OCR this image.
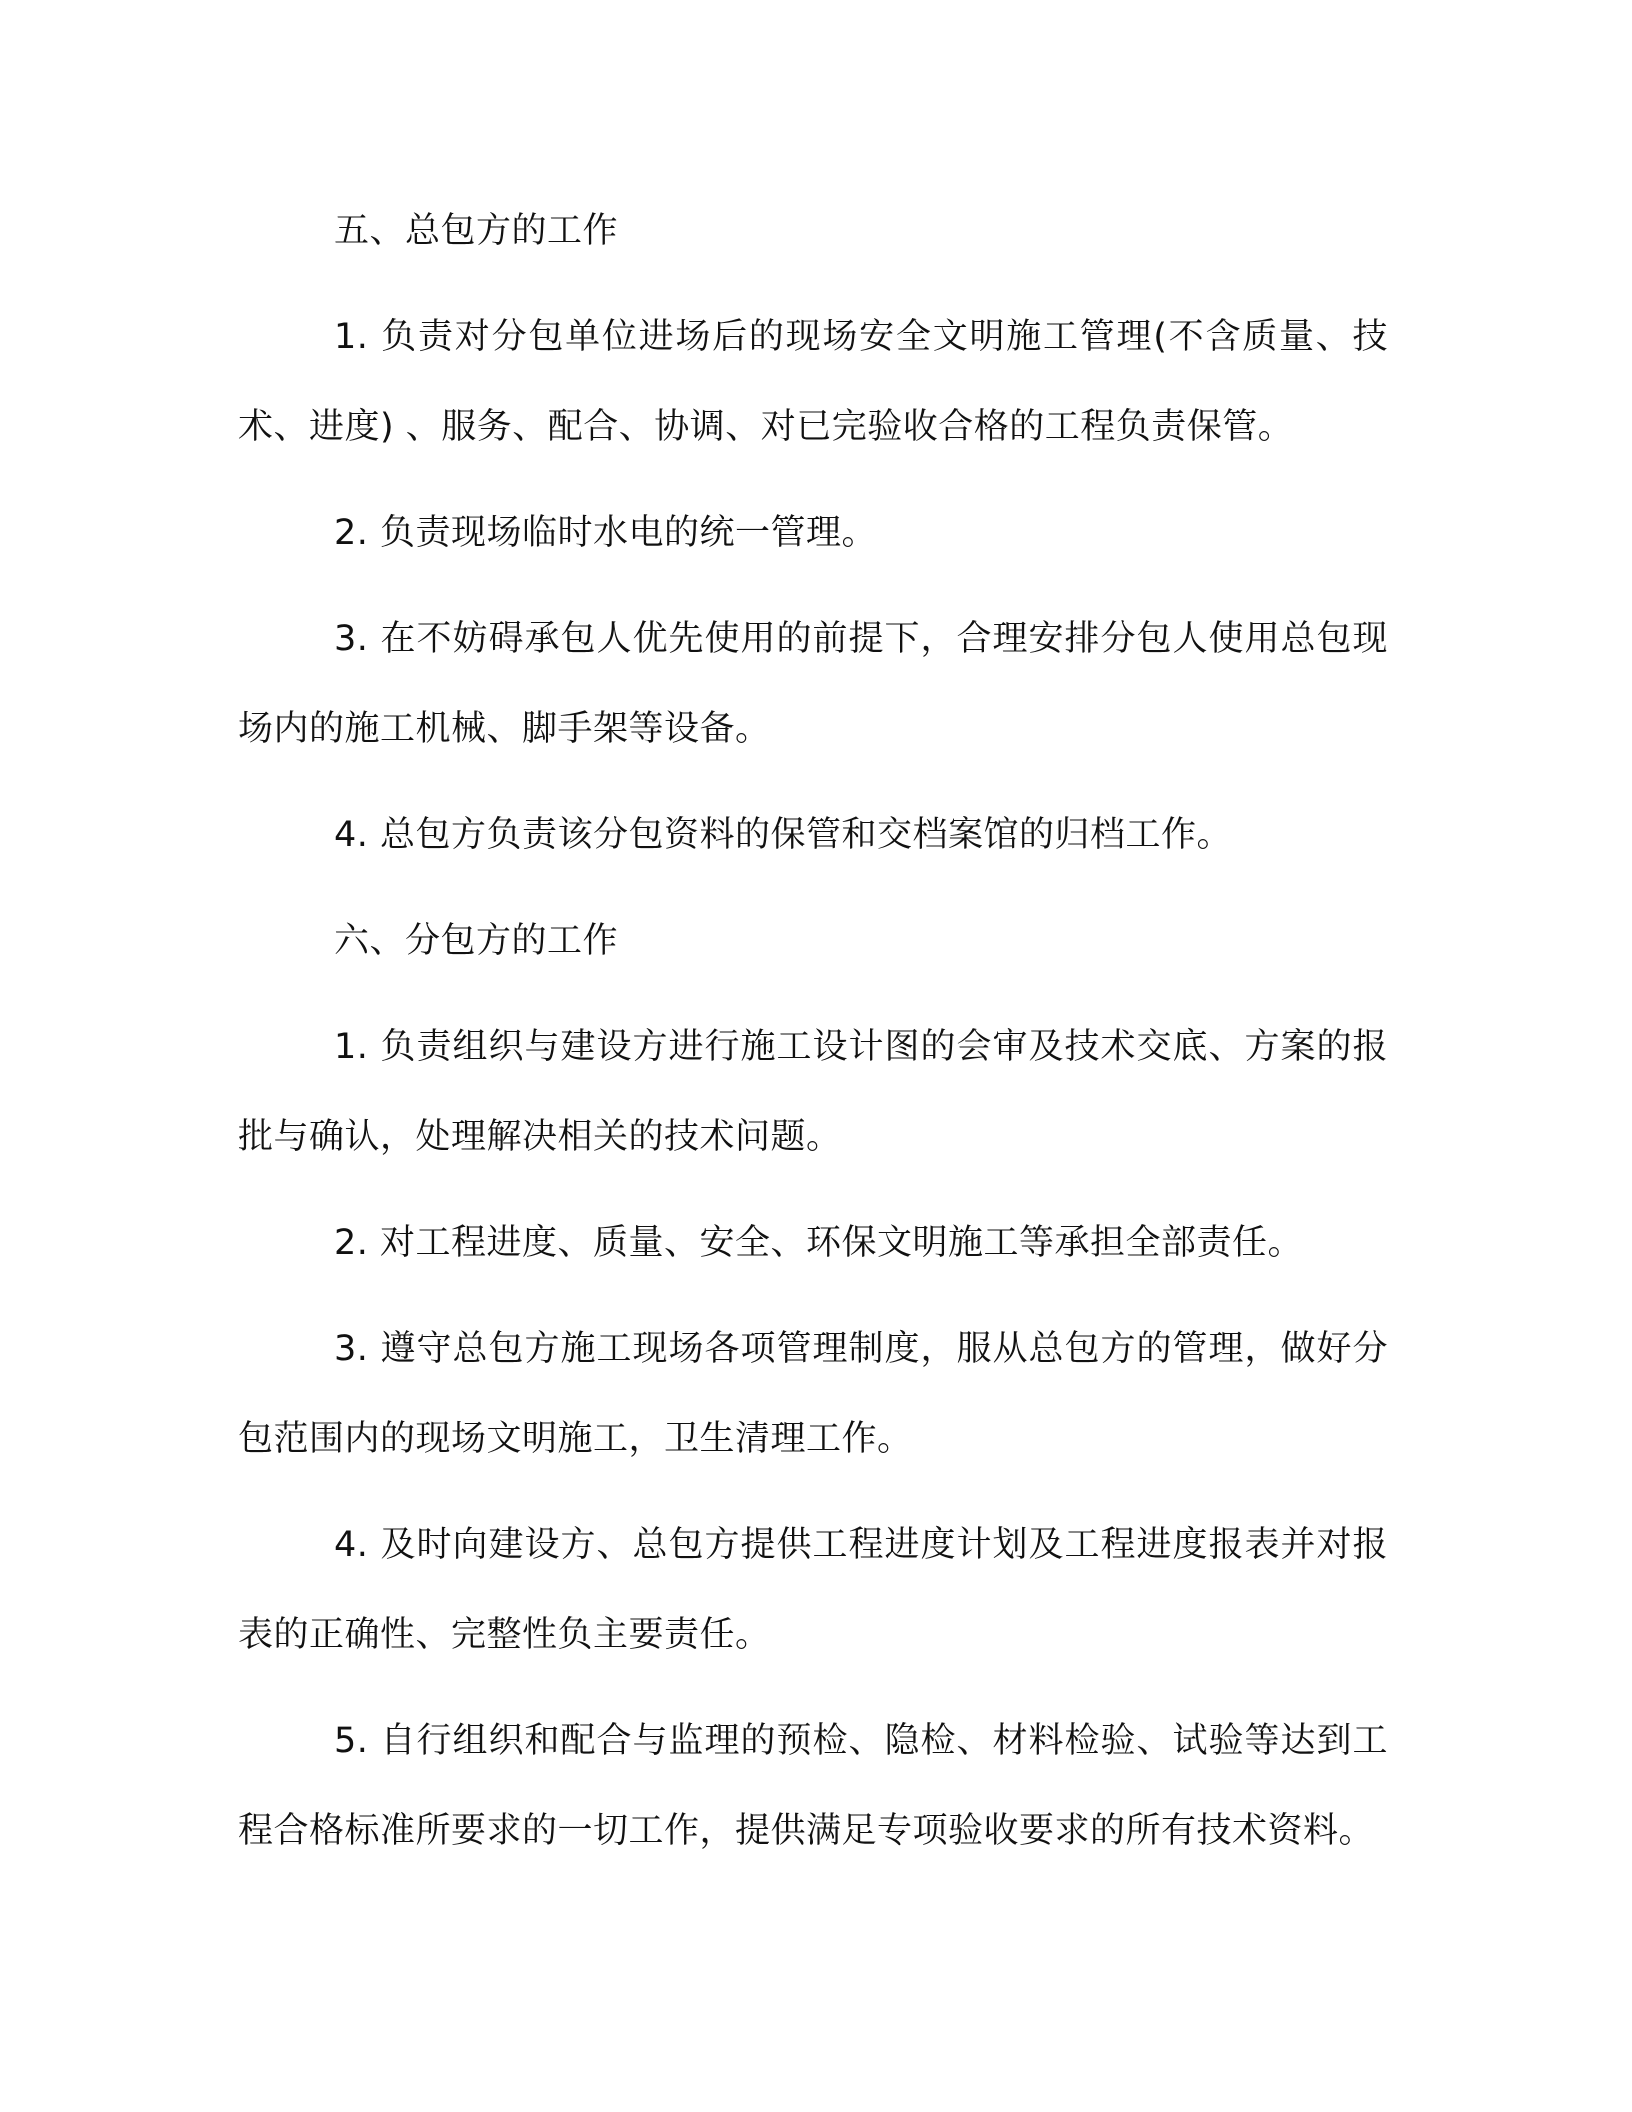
五、总包方的工作

1. 负责对分包单位进场后的现场安全文明施工管理(不含质量、技术、进度) 、服务、配合、协调、对已完验收合格的工程负责保管。

2. 负责现场临时水电的统一管理。

3. 在不妨碍承包人优先使用的前提下，合理安排分包人使用总包现场内的施工机械、脚手架等设备。

4. 总包方负责该分包资料的保管和交档案馆的归档工作。

六、分包方的工作

1. 负责组织与建设方进行施工设计图的会审及技术交底、方案的报批与确认，处理解决相关的技术问题。

2. 对工程进度、质量、安全、环保文明施工等承担全部责任。

3. 遵守总包方施工现场各项管理制度，服从总包方的管理，做好分包范围内的现场文明施工，卫生清理工作。

4. 及时向建设方、总包方提供工程进度计划及工程进度报表并对报表的正确性、完整性负主要责任。

5. 自行组织和配合与监理的预检、隐检、材料检验、试验等达到工程合格标准所要求的一切工作，提供满足专项验收要求的所有技术资料。
